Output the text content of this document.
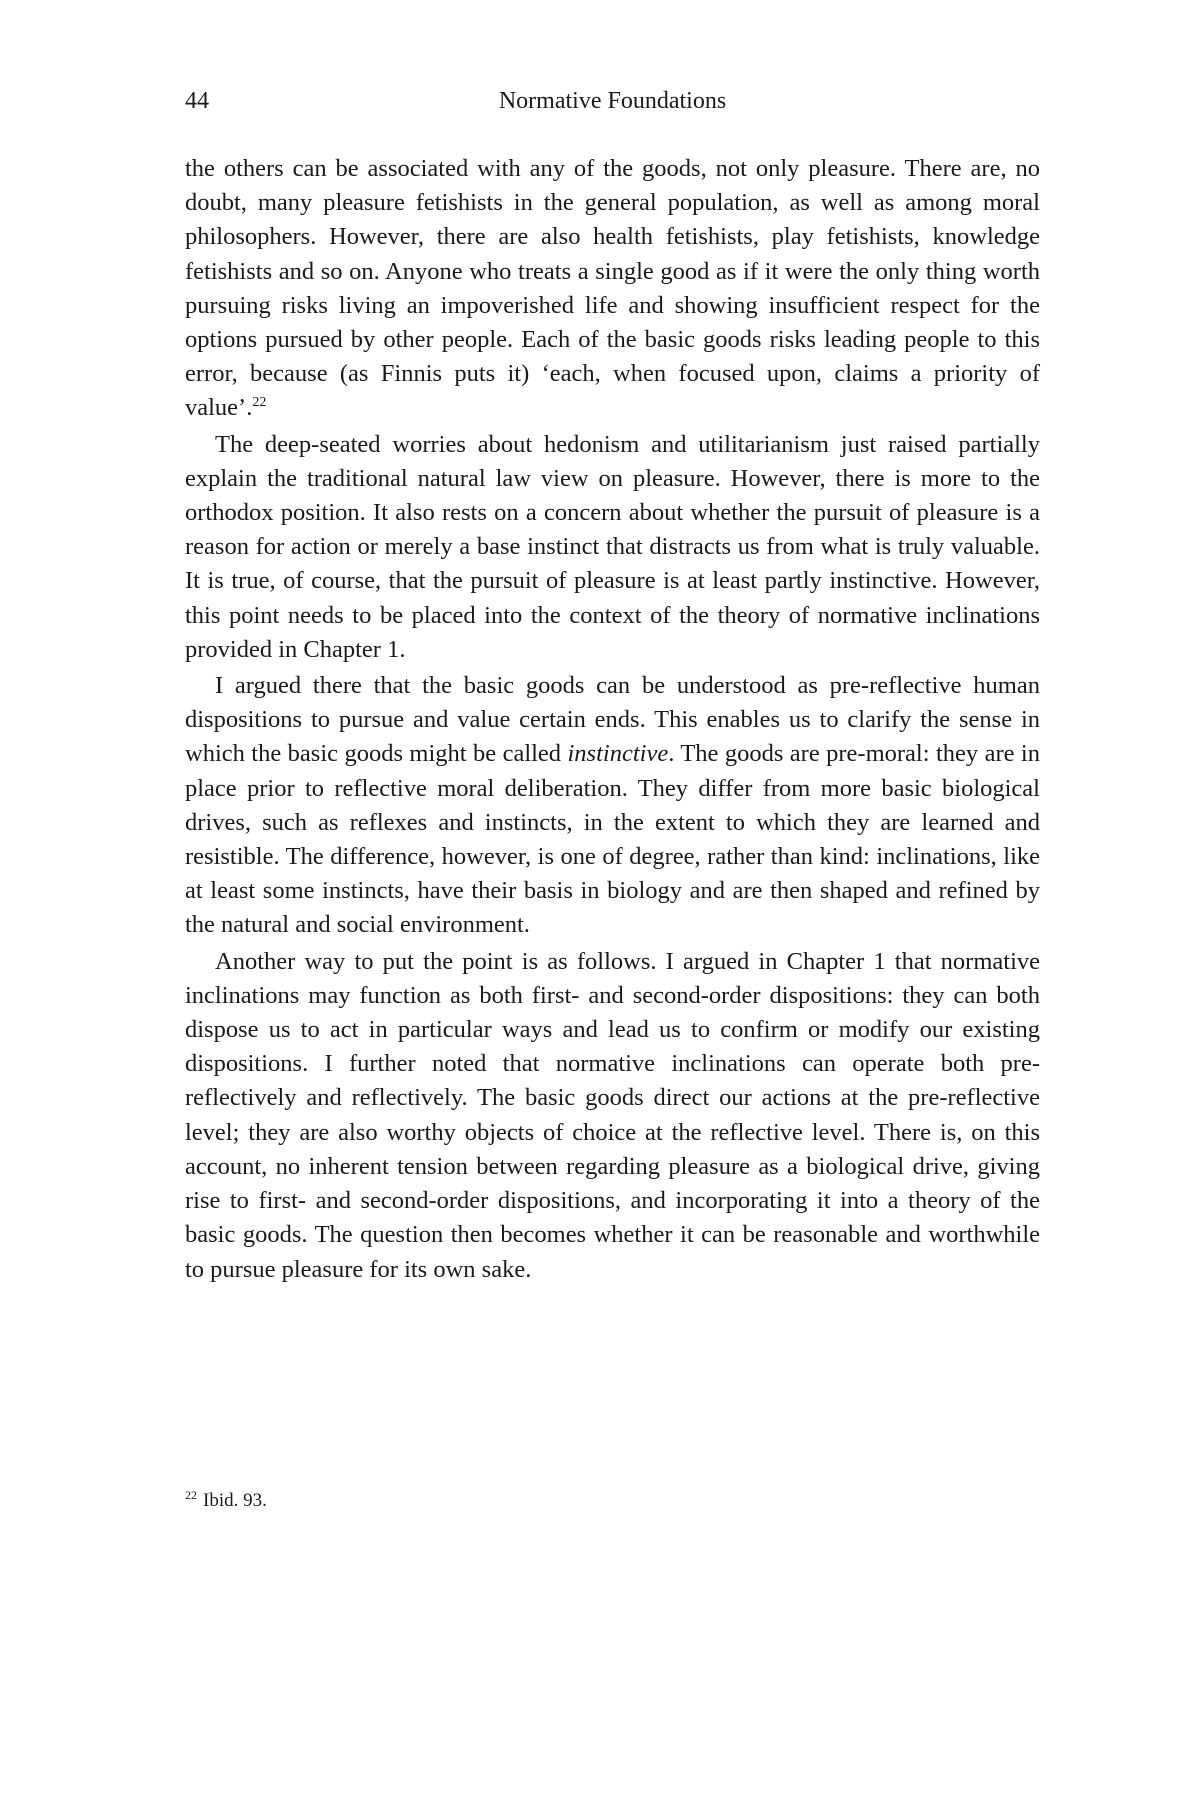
44	Normative Foundations

the others can be associated with any of the goods, not only pleasure. There are, no doubt, many pleasure fetishists in the general population, as well as among moral philosophers. However, there are also health fetishists, play fetishists, knowledge fetishists and so on. Anyone who treats a single good as if it were the only thing worth pursuing risks living an impoverished life and showing insufficient respect for the options pursued by other people. Each of the basic goods risks leading people to this error, because (as Finnis puts it) ‘each, when focused upon, claims a priority of value’.$^{22}$

The deep-seated worries about hedonism and utilitarianism just raised partially explain the traditional natural law view on pleasure. However, there is more to the orthodox position. It also rests on a concern about whether the pursuit of pleasure is a reason for action or merely a base instinct that distracts us from what is truly valuable. It is true, of course, that the pursuit of pleasure is at least partly instinctive. However, this point needs to be placed into the context of the theory of normative inclinations provided in Chapter 1.

I argued there that the basic goods can be understood as pre-reflective human dispositions to pursue and value certain ends. This enables us to clarify the sense in which the basic goods might be called instinctive. The goods are pre-moral: they are in place prior to reflective moral deliberation. They differ from more basic biological drives, such as reflexes and instincts, in the extent to which they are learned and resistible. The difference, however, is one of degree, rather than kind: inclinations, like at least some instincts, have their basis in biology and are then shaped and refined by the natural and social environment.

Another way to put the point is as follows. I argued in Chapter 1 that normative inclinations may function as both first- and second-order dispositions: they can both dispose us to act in particular ways and lead us to confirm or modify our existing dispositions. I further noted that normative inclinations can operate both pre-reflectively and reflectively. The basic goods direct our actions at the pre-reflective level; they are also worthy objects of choice at the reflective level. There is, on this account, no inherent tension between regarding pleasure as a biological drive, giving rise to first- and second-order dispositions, and incorporating it into a theory of the basic goods. The question then becomes whether it can be reasonable and worthwhile to pursue pleasure for its own sake.

$^{22}$ Ibid. 93.
